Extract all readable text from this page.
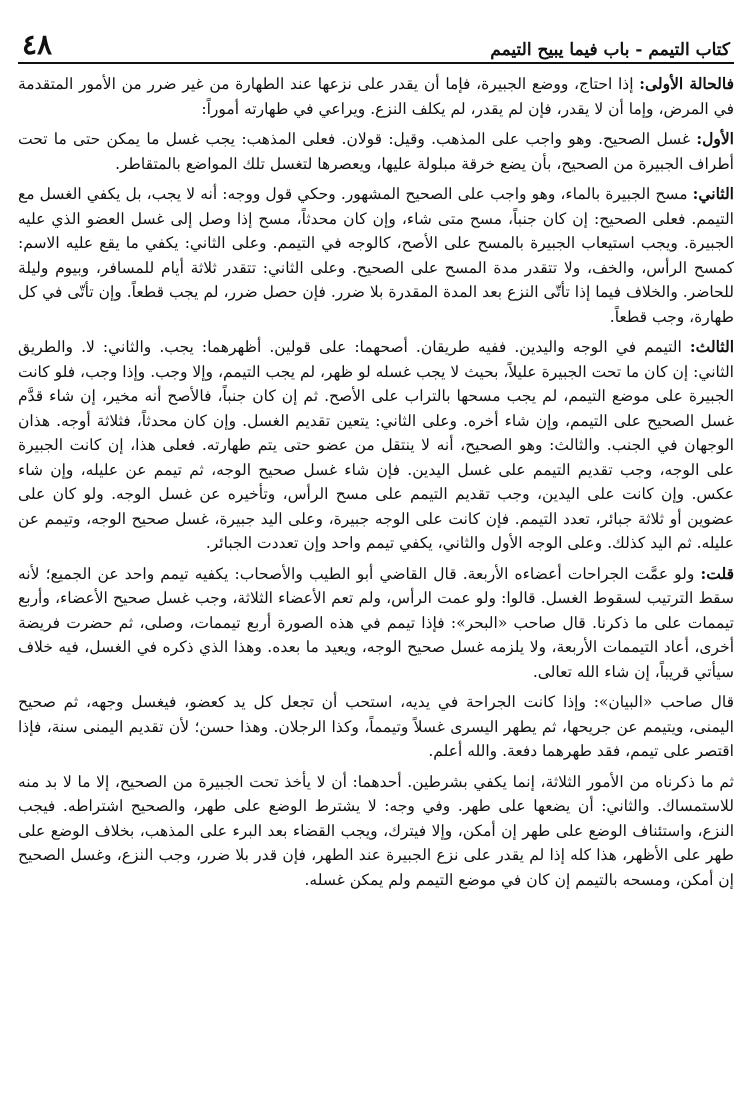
كتاب التيمم - باب فيما يبيح التيمم
٤٨

فالحالة الأولى: إذا احتاج، ووضع الجبيرة، فإما أن يقدر على نزعها عند الطهارة من غير ضرر من الأمور المتقدمة في المرض، وإما أن لا يقدر، فإن لم يقدر، لم يكلف النزع. ويراعي في طهارته أموراً:

الأول: غسل الصحيح. وهو واجب على المذهب. وقيل: قولان. فعلى المذهب: يجب غسل ما يمكن حتى ما تحت أطراف الجبيرة من الصحيح، بأن يضع خرقة مبلولة عليها، ويعصرها لتغسل تلك المواضع بالمتقاطر.

الثاني: مسح الجبيرة بالماء، وهو واجب على الصحيح المشهور. وحكي قول ووجه: أنه لا يجب، بل يكفي الغسل مع التيمم. فعلى الصحيح: إن كان جنباً، مسح متى شاء، وإن كان محدثاً، مسح إذا وصل إلى غسل العضو الذي عليه الجبيرة. ويجب استيعاب الجبيرة بالمسح على الأصح، كالوجه في التيمم. وعلى الثاني: يكفي ما يقع عليه الاسم: كمسح الرأس، والخف، ولا تتقدر مدة المسح على الصحيح. وعلى الثاني: تتقدر ثلاثة أيام للمسافر، وبيوم وليلة للحاضر. والخلاف فيما إذا تأتّى النزع بعد المدة المقدرة بلا ضرر. فإن حصل ضرر، لم يجب قطعاً. وإن تأتّى في كل طهارة، وجب قطعاً.

الثالث: التيمم في الوجه واليدين. ففيه طريقان. أصحهما: على قولين. أظهرهما: يجب. والثاني: لا. والطريق الثاني: إن كان ما تحت الجبيرة عليلاً، بحيث لا يجب غسله لو ظهر، لم يجب التيمم، وإلا وجب. وإذا وجب، فلو كانت الجبيرة على موضع التيمم، لم يجب مسحها بالتراب على الأصح. ثم إن كان جنباً، فالأصح أنه مخير، إن شاء قدَّم غسل الصحيح على التيمم، وإن شاء أخره. وعلى الثاني: يتعين تقديم الغسل. وإن كان محدثاً، فثلاثة أوجه. هذان الوجهان في الجنب. والثالث: وهو الصحيح، أنه لا ينتقل من عضو حتى يتم طهارته. فعلى هذا، إن كانت الجبيرة على الوجه، وجب تقديم التيمم على غسل اليدين. فإن شاء غسل صحيح الوجه، ثم تيمم عن عليله، وإن شاء عكس. وإن كانت على اليدين، وجب تقديم التيمم على مسح الرأس، وتأخيره عن غسل الوجه. ولو كان على عضوين أو ثلاثة جبائر، تعدد التيمم. فإن كانت على الوجه جبيرة، وعلى اليد جبيرة، غسل صحيح الوجه، وتيمم عن عليله. ثم اليد كذلك. وعلى الوجه الأول والثاني، يكفي تيمم واحد وإن تعددت الجبائر.

قلت: ولو عمَّت الجراحات أعضاءه الأربعة. قال القاضي أبو الطيب والأصحاب: يكفيه تيمم واحد عن الجميع؛ لأنه سقط الترتيب لسقوط الغسل. قالوا: ولو عمت الرأس، ولم تعم الأعضاء الثلاثة، وجب غسل صحيح الأعضاء، وأربع تيممات على ما ذكرنا. قال صاحب «البحر»: فإذا تيمم في هذه الصورة أربع تيممات، وصلى، ثم حضرت فريضة أخرى، أعاد التيممات الأربعة، ولا يلزمه غسل صحيح الوجه، ويعيد ما بعده. وهذا الذي ذكره في الغسل، فيه خلاف سيأتي قريباً، إن شاء الله تعالى.

قال صاحب «البيان»: وإذا كانت الجراحة في يديه، استحب أن تجعل كل يد كعضو، فيغسل وجهه، ثم صحيح اليمنى، ويتيمم عن جريحها، ثم يطهر اليسرى غسلاً وتيمماً، وكذا الرجلان. وهذا حسن؛ لأن تقديم اليمنى سنة، فإذا اقتصر على تيمم، فقد طهرهما دفعة. والله أعلم.

ثم ما ذكرناه من الأمور الثلاثة، إنما يكفي بشرطين. أحدهما: أن لا يأخذ تحت الجبيرة من الصحيح، إلا ما لا بد منه للاستمساك. والثاني: أن يضعها على طهر. وفي وجه: لا يشترط الوضع على طهر، والصحيح اشتراطه. فيجب النزع، واستئناف الوضع على طهر إن أمكن، وإلا فيترك، ويجب القضاء بعد البرء على المذهب، بخلاف الوضع على طهر على الأظهر، هذا كله إذا لم يقدر على نزع الجبيرة عند الطهر، فإن قدر بلا ضرر، وجب النزع، وغسل الصحيح إن أمكن، ومسحه بالتيمم إن كان في موضع التيمم ولم يمكن غسله.
